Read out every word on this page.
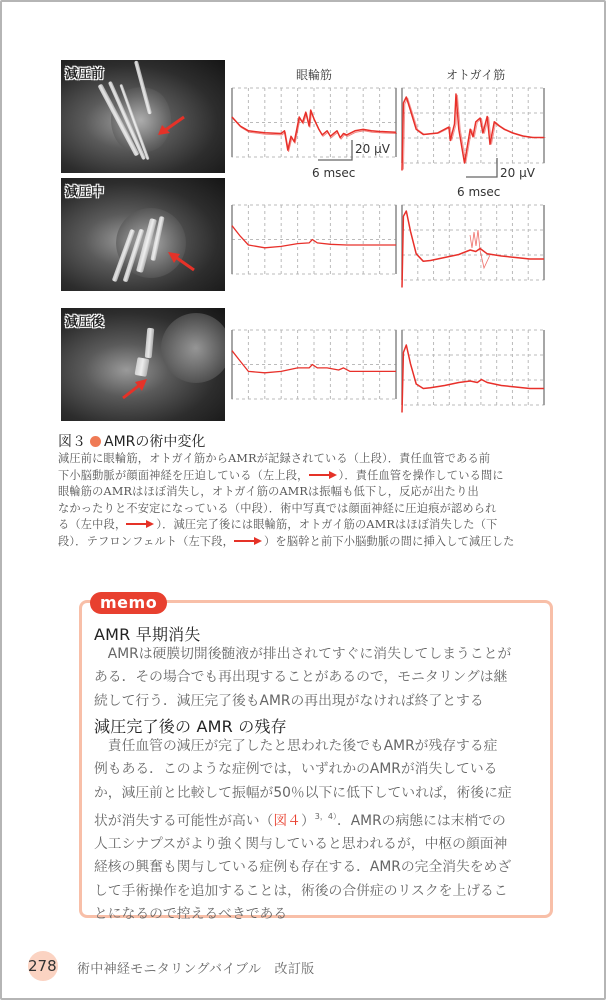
減圧前
減圧中
減圧後
眼輪筋	オトガイ筋
20 μV
6 msec	20 μV
6 msec
図３ AMRの術中変化
減圧前に眼輪筋，オトガイ筋からAMRが記録されている（上段）．責任血管である前
下小脳動脈が顔面神経を圧迫している（左上段，	）．責任血管を操作している間に
眼輪筋のAMRはほぼ消失し，オトガイ筋のAMRは振幅も低下し，反応が出たり出
なかったりと不安定になっている（中段）．術中写真では顔面神経に圧迫痕が認められ
る（左中段，	）．減圧完了後には眼輪筋，オトガイ筋のAMRはほぼ消失した（下
段）．テフロンフェルト（左下段，	）を脳幹と前下小脳動脈の間に挿入して減圧した
memo
AMR 早期消失
　AMRは硬膜切開後髄液が排出されてすぐに消失してしまうことが
ある．その場合でも再出現することがあるので，モニタリングは継
続して行う．減圧完了後もAMRの再出現がなければ終了とする
減圧完了後の AMR の残存
　責任血管の減圧が完了したと思われた後でもAMRが残存する症
例もある．このような症例では，いずれかのAMRが消失している
か，減圧前と比較して振幅が50％以下に低下していれば，術後に症
状が消失する可能性が高い（図４）$^{3,4)}$．AMRの病態には末梢での
人工シナプスがより強く関与していると思われるが，中枢の顔面神
経核の興奮も関与している症例も存在する．AMRの完全消失をめざ
して手術操作を追加することは，術後の合併症のリスクを上げるこ
とになるので控えるべきである
278 術中神経モニタリングバイブル　改訂版
